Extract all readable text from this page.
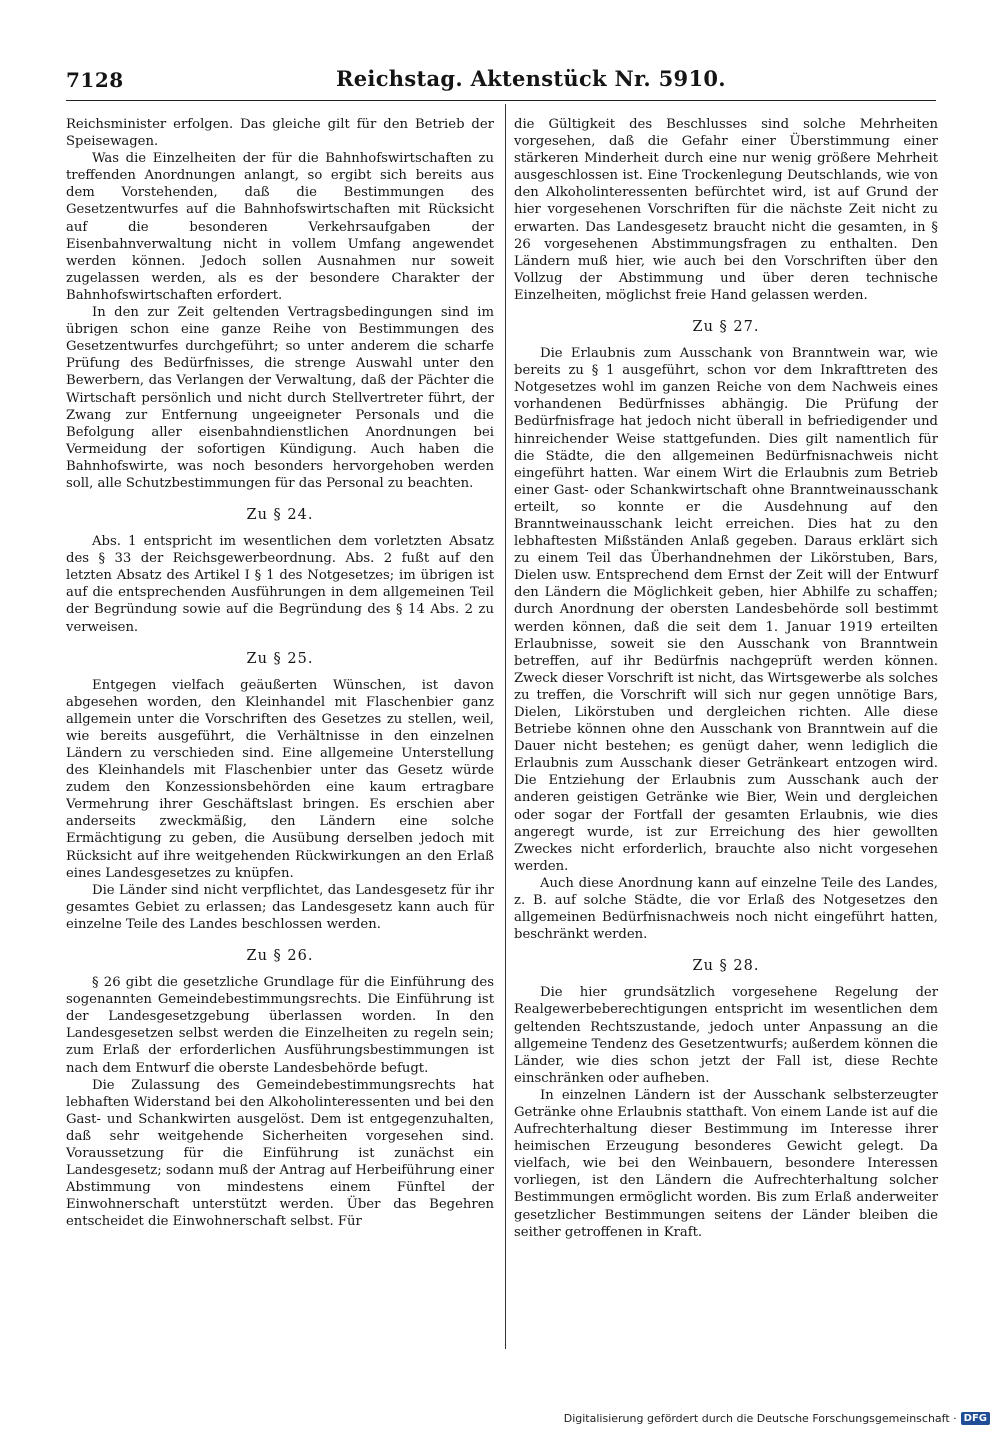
7128	Reichstag. Aktenstück Nr. 5910.

Reichsminister erfolgen. Das gleiche gilt für den Betrieb der Speisewagen.

Was die Einzelheiten der für die Bahnhofswirtschaften zu treffenden Anordnungen anlangt, so ergibt sich bereits aus dem Vorstehenden, daß die Bestimmungen des Gesetzentwurfes auf die Bahnhofswirtschaften mit Rücksicht auf die besonderen Verkehrsaufgaben der Eisenbahnverwaltung nicht in vollem Umfang angewendet werden können. Jedoch sollen Ausnahmen nur soweit zugelassen werden, als es der besondere Charakter der Bahnhofswirtschaften erfordert.

In den zur Zeit geltenden Vertragsbedingungen sind im übrigen schon eine ganze Reihe von Bestimmungen des Gesetzentwurfes durchgeführt; so unter anderem die scharfe Prüfung des Bedürfnisses, die strenge Auswahl unter den Bewerbern, das Verlangen der Verwaltung, daß der Pächter die Wirtschaft persönlich und nicht durch Stellvertreter führt, der Zwang zur Entfernung ungeeigneter Personals und die Befolgung aller eisenbahndienstlichen Anordnungen bei Vermeidung der sofortigen Kündigung. Auch haben die Bahnhofswirte, was noch besonders hervorgehoben werden soll, alle Schutzbestimmungen für das Personal zu beachten.

Zu § 24.

Abs. 1 entspricht im wesentlichen dem vorletzten Absatz des § 33 der Reichsgewerbeordnung. Abs. 2 fußt auf den letzten Absatz des Artikel I § 1 des Notgesetzes; im übrigen ist auf die entsprechenden Ausführungen in dem allgemeinen Teil der Begründung sowie auf die Begründung des § 14 Abs. 2 zu verweisen.

Zu § 25.

Entgegen vielfach geäußerten Wünschen, ist davon abgesehen worden, den Kleinhandel mit Flaschenbier ganz allgemein unter die Vorschriften des Gesetzes zu stellen, weil, wie bereits ausgeführt, die Verhältnisse in den einzelnen Ländern zu verschieden sind. Eine allgemeine Unterstellung des Kleinhandels mit Flaschenbier unter das Gesetz würde zudem den Konzessionsbehörden eine kaum ertragbare Vermehrung ihrer Geschäftslast bringen. Es erschien aber anderseits zweckmäßig, den Ländern eine solche Ermächtigung zu geben, die Ausübung derselben jedoch mit Rücksicht auf ihre weitgehenden Rückwirkungen an den Erlaß eines Landesgesetzes zu knüpfen.

Die Länder sind nicht verpflichtet, das Landesgesetz für ihr gesamtes Gebiet zu erlassen; das Landesgesetz kann auch für einzelne Teile des Landes beschlossen werden.

Zu § 26.

§ 26 gibt die gesetzliche Grundlage für die Einführung des sogenannten Gemeindebestimmungsrechts. Die Einführung ist der Landesgesetzgebung überlassen worden. In den Landesgesetzen selbst werden die Einzelheiten zu regeln sein; zum Erlaß der erforderlichen Ausführungsbestimmungen ist nach dem Entwurf die oberste Landesbehörde befugt.

Die Zulassung des Gemeindebestimmungsrechts hat lebhaften Widerstand bei den Alkoholinteressenten und bei den Gast- und Schankwirten ausgelöst. Dem ist entgegenzuhalten, daß sehr weitgehende Sicherheiten vorgesehen sind. Voraussetzung für die Einführung ist zunächst ein Landesgesetz; sodann muß der Antrag auf Herbeiführung einer Abstimmung von mindestens einem Fünftel der Einwohnerschaft unterstützt werden. Über das Begehren entscheidet die Einwohnerschaft selbst. Für

die Gültigkeit des Beschlusses sind solche Mehrheiten vorgesehen, daß die Gefahr einer Überstimmung einer stärkeren Minderheit durch eine nur wenig größere Mehrheit ausgeschlossen ist. Eine Trockenlegung Deutschlands, wie von den Alkoholinteressenten befürchtet wird, ist auf Grund der hier vorgesehenen Vorschriften für die nächste Zeit nicht zu erwarten. Das Landesgesetz braucht nicht die gesamten, in § 26 vorgesehenen Abstimmungsfragen zu enthalten. Den Ländern muß hier, wie auch bei den Vorschriften über den Vollzug der Abstimmung und über deren technische Einzelheiten, möglichst freie Hand gelassen werden.

Zu § 27.

Die Erlaubnis zum Ausschank von Branntwein war, wie bereits zu § 1 ausgeführt, schon vor dem Inkrafttreten des Notgesetzes wohl im ganzen Reiche von dem Nachweis eines vorhandenen Bedürfnisses abhängig. Die Prüfung der Bedürfnisfrage hat jedoch nicht überall in befriedigender und hinreichender Weise stattgefunden. Dies gilt namentlich für die Städte, die den allgemeinen Bedürfnisnachweis nicht eingeführt hatten. War einem Wirt die Erlaubnis zum Betrieb einer Gast- oder Schankwirtschaft ohne Branntweinausschank erteilt, so konnte er die Ausdehnung auf den Branntweinausschank leicht erreichen. Dies hat zu den lebhaftesten Mißständen Anlaß gegeben. Daraus erklärt sich zu einem Teil das Überhandnehmen der Likörstuben, Bars, Dielen usw. Entsprechend dem Ernst der Zeit will der Entwurf den Ländern die Möglichkeit geben, hier Abhilfe zu schaffen; durch Anordnung der obersten Landesbehörde soll bestimmt werden können, daß die seit dem 1. Januar 1919 erteilten Erlaubnisse, soweit sie den Ausschank von Branntwein betreffen, auf ihr Bedürfnis nachgeprüft werden können. Zweck dieser Vorschrift ist nicht, das Wirtsgewerbe als solches zu treffen, die Vorschrift will sich nur gegen unnötige Bars, Dielen, Likörstuben und dergleichen richten. Alle diese Betriebe können ohne den Ausschank von Branntwein auf die Dauer nicht bestehen; es genügt daher, wenn lediglich die Erlaubnis zum Ausschank dieser Getränkeart entzogen wird. Die Entziehung der Erlaubnis zum Ausschank auch der anderen geistigen Getränke wie Bier, Wein und dergleichen oder sogar der Fortfall der gesamten Erlaubnis, wie dies angeregt wurde, ist zur Erreichung des hier gewollten Zweckes nicht erforderlich, brauchte also nicht vorgesehen werden.

Auch diese Anordnung kann auf einzelne Teile des Landes, z. B. auf solche Städte, die vor Erlaß des Notgesetzes den allgemeinen Bedürfnisnachweis noch nicht eingeführt hatten, beschränkt werden.

Zu § 28.

Die hier grundsätzlich vorgesehene Regelung der Realgewerbeberechtigungen entspricht im wesentlichen dem geltenden Rechtszustande, jedoch unter Anpassung an die allgemeine Tendenz des Gesetzentwurfs; außerdem können die Länder, wie dies schon jetzt der Fall ist, diese Rechte einschränken oder aufheben.

In einzelnen Ländern ist der Ausschank selbsterzeugter Getränke ohne Erlaubnis statthaft. Von einem Lande ist auf die Aufrechterhaltung dieser Bestimmung im Interesse ihrer heimischen Erzeugung besonderes Gewicht gelegt. Da vielfach, wie bei den Weinbauern, besondere Interessen vorliegen, ist den Ländern die Aufrechterhaltung solcher Bestimmungen ermöglicht worden. Bis zum Erlaß anderweiter gesetzlicher Bestimmungen seitens der Länder bleiben die seither getroffenen in Kraft.

Digitalisierung gefördert durch die Deutsche Forschungsgemeinschaft · DFG
